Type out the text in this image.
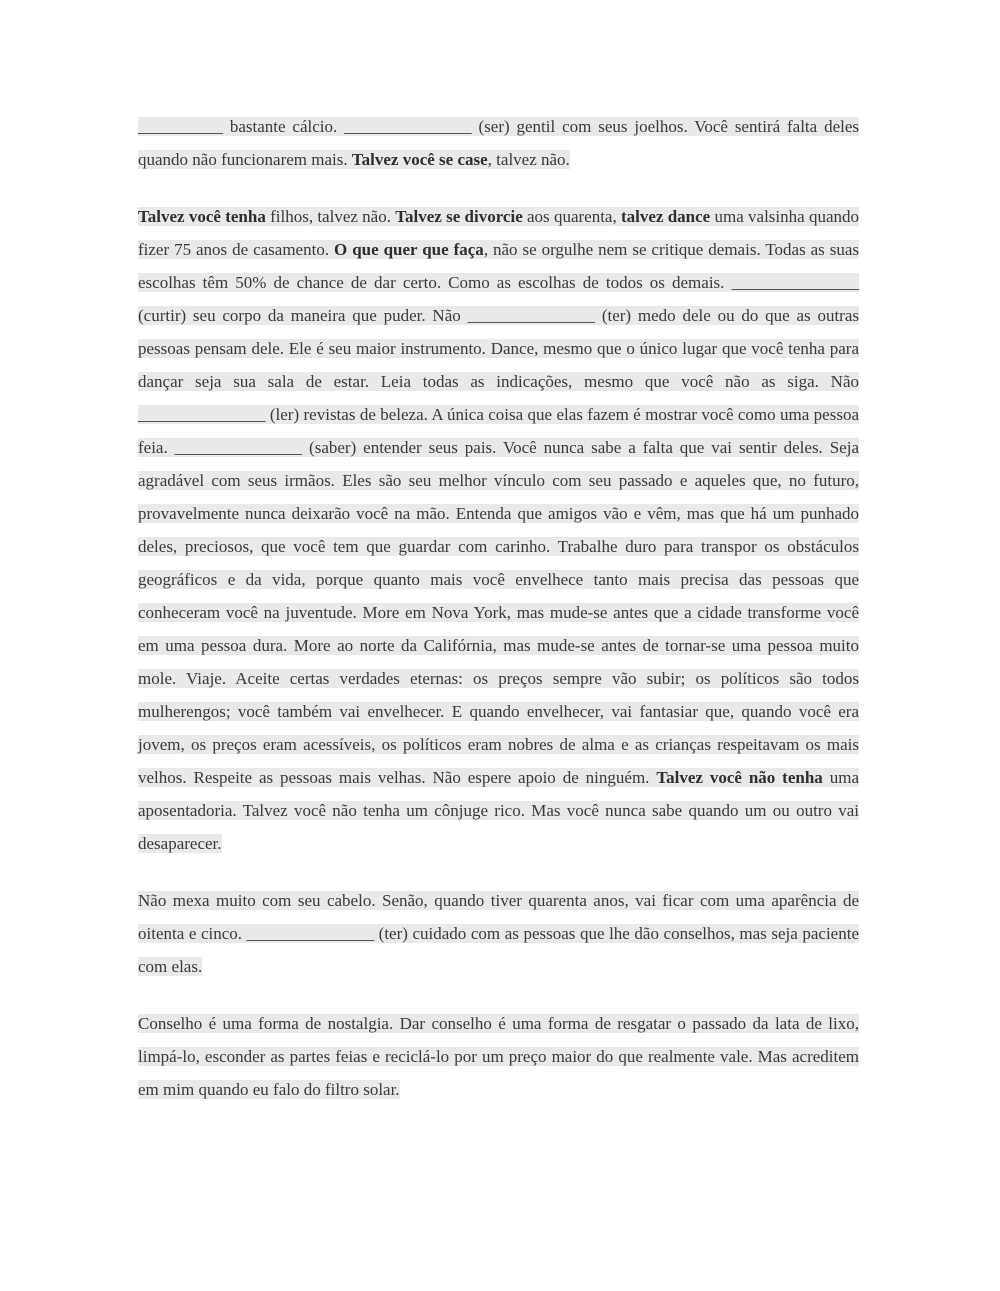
__________ bastante cálcio. _______________ (ser) gentil com seus joelhos. Você sentirá falta deles quando não funcionarem mais. Talvez você se case, talvez não.

Talvez você tenha filhos, talvez não. Talvez se divorcie aos quarenta, talvez dance uma valsinha quando fizer 75 anos de casamento. O que quer que faça, não se orgulhe nem se critique demais. Todas as suas escolhas têm 50% de chance de dar certo. Como as escolhas de todos os demais. _______________ (curtir) seu corpo da maneira que puder. Não _______________ (ter) medo dele ou do que as outras pessoas pensam dele. Ele é seu maior instrumento. Dance, mesmo que o único lugar que você tenha para dançar seja sua sala de estar. Leia todas as indicações, mesmo que você não as siga. Não _______________ (ler) revistas de beleza. A única coisa que elas fazem é mostrar você como uma pessoa feia. _______________ (saber) entender seus pais. Você nunca sabe a falta que vai sentir deles. Seja agradável com seus irmãos. Eles são seu melhor vínculo com seu passado e aqueles que, no futuro, provavelmente nunca deixarão você na mão. Entenda que amigos vão e vêm, mas que há um punhado deles, preciosos, que você tem que guardar com carinho. Trabalhe duro para transpor os obstáculos geográficos e da vida, porque quanto mais você envelhece tanto mais precisa das pessoas que conheceram você na juventude. More em Nova York, mas mude-se antes que a cidade transforme você em uma pessoa dura. More ao norte da Califórnia, mas mude-se antes de tornar-se uma pessoa muito mole. Viaje. Aceite certas verdades eternas: os preços sempre vão subir; os políticos são todos mulherengos; você também vai envelhecer. E quando envelhecer, vai fantasiar que, quando você era jovem, os preços eram acessíveis, os políticos eram nobres de alma e as crianças respeitavam os mais velhos. Respeite as pessoas mais velhas. Não espere apoio de ninguém. Talvez você não tenha uma aposentadoria. Talvez você não tenha um cônjuge rico. Mas você nunca sabe quando um ou outro vai desaparecer.

Não mexa muito com seu cabelo. Senão, quando tiver quarenta anos, vai ficar com uma aparência de oitenta e cinco. _______________ (ter) cuidado com as pessoas que lhe dão conselhos, mas seja paciente com elas.

Conselho é uma forma de nostalgia. Dar conselho é uma forma de resgatar o passado da lata de lixo, limpá-lo, esconder as partes feias e reciclá-lo por um preço maior do que realmente vale. Mas acreditem em mim quando eu falo do filtro solar.
